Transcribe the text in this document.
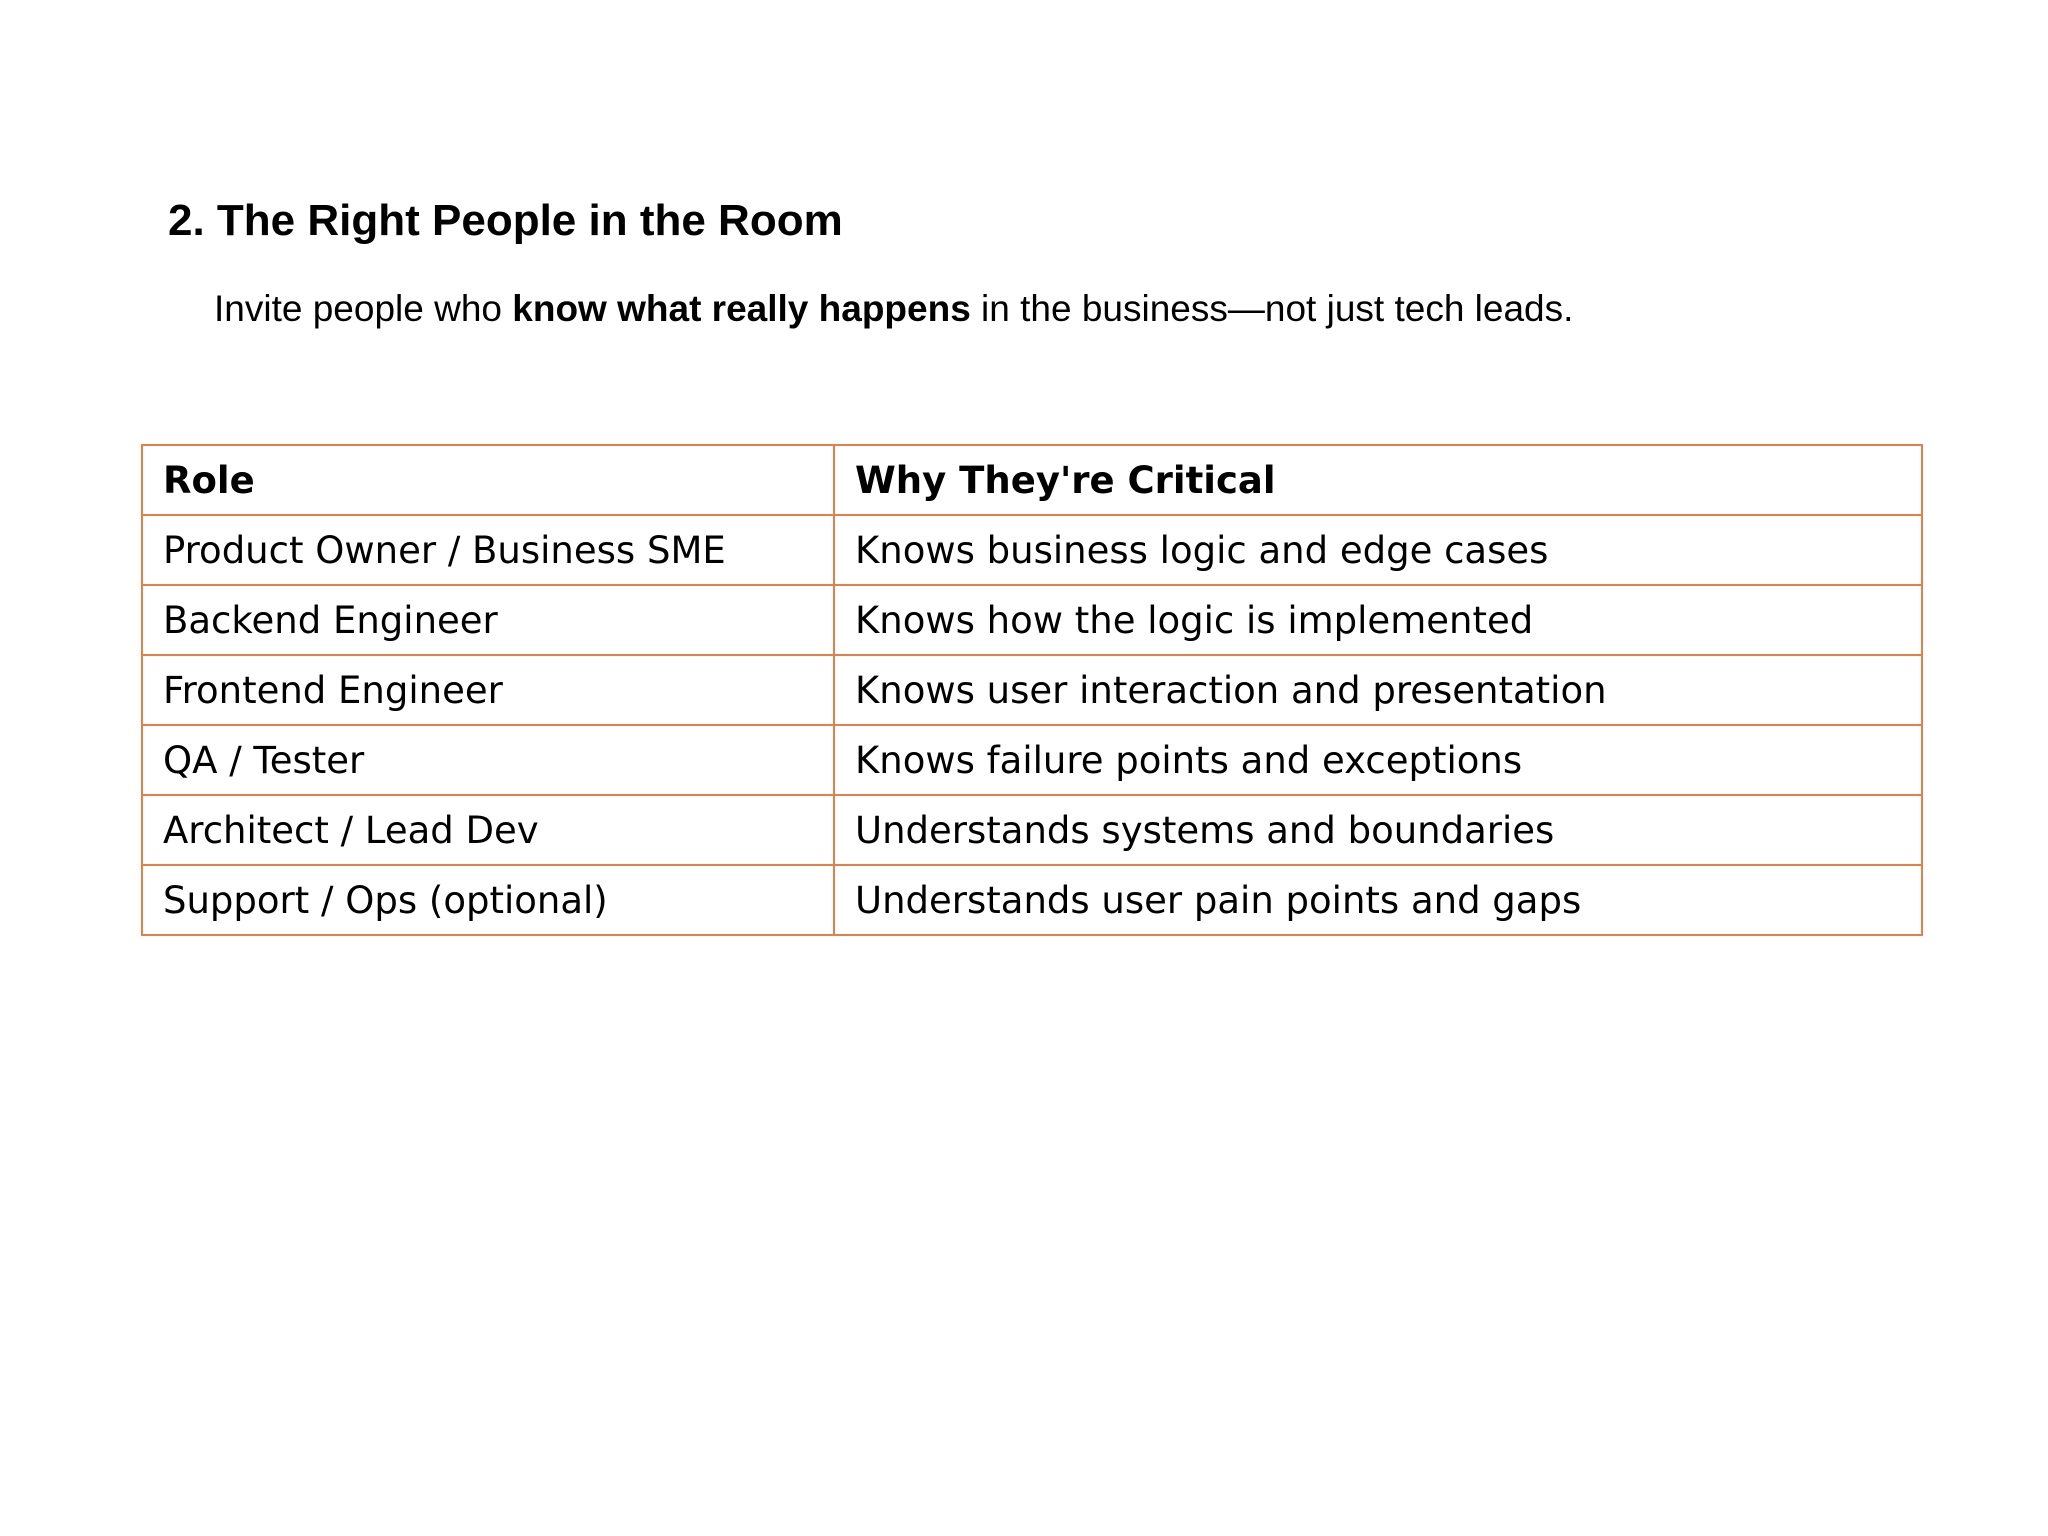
2. The Right People in the Room

Invite people who know what really happens in the business—not just tech leads.

Role	Why They're Critical
Product Owner / Business SME	Knows business logic and edge cases
Backend Engineer	Knows how the logic is implemented
Frontend Engineer	Knows user interaction and presentation
QA / Tester	Knows failure points and exceptions
Architect / Lead Dev	Understands systems and boundaries
Support / Ops (optional)	Understands user pain points and gaps
